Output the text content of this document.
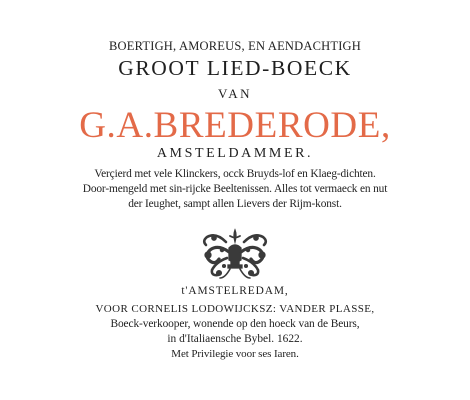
BOERTIGH, AMOREUS, EN AENDACHTIGH
GROOT LIED-BOECK
VAN
G.A.BREDERODE,
AMSTELDAMMER.
Verçierd met vele Klinckers, occk Bruyds-lof en Klaeg-dichten.
Door-mengeld met sin-rijcke Beeltenissen. Alles tot vermaeck en nut
der Ieughet, sampt allen Lievers der Rijm-konst.
t'AMSTELREDAM,
VOOR CORNELIS LODOWIJCKSZ: VANDER PLASSE,
Boeck-verkooper, wonende op den hoeck van de Beurs,
in d'Italiaensche Bybel. 1622.
Met Privilegie voor ses Iaren.
